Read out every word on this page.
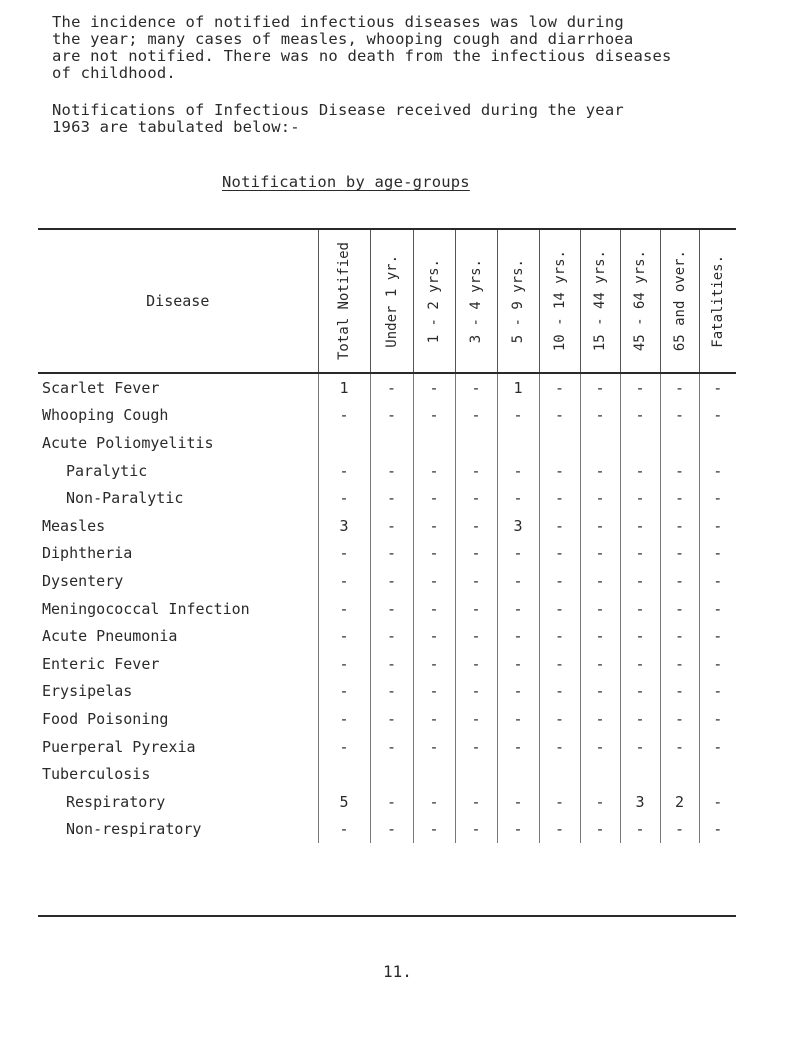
The incidence of notified infectious diseases was low during
the year; many cases of measles, whooping cough and diarrhoea
are not notified. There was no death from the infectious diseases
of childhood.

Notifications of Infectious Disease received during the year
1963 are tabulated below:-

Notification by age-groups
Disease	Total Notified	Under 1 yr.	1 - 2 yrs.	3 - 4 yrs.	5 - 9 yrs.	10 - 14 yrs.	15 - 44 yrs.	45 - 64 yrs.	65 and over.	Fatalities.

Scarlet Fever	1	-	-	-	1	-	-	-	-	-
Whooping Cough	-	-	-	-	-	-	-	-	-	-
Acute Poliomyelitis										
Paralytic	-	-	-	-	-	-	-	-	-	-
Non-Paralytic	-	-	-	-	-	-	-	-	-	-
Measles	3	-	-	-	3	-	-	-	-	-
Diphtheria	-	-	-	-	-	-	-	-	-	-
Dysentery	-	-	-	-	-	-	-	-	-	-
Meningococcal Infection	-	-	-	-	-	-	-	-	-	-
Acute Pneumonia	-	-	-	-	-	-	-	-	-	-
Enteric Fever	-	-	-	-	-	-	-	-	-	-
Erysipelas	-	-	-	-	-	-	-	-	-	-
Food Poisoning	-	-	-	-	-	-	-	-	-	-
Puerperal Pyrexia	-	-	-	-	-	-	-	-	-	-
Tuberculosis										
Respiratory	5	-	-	-	-	-	-	3	2	-
Non-respiratory	-	-	-	-	-	-	-	-	-	-
11.
